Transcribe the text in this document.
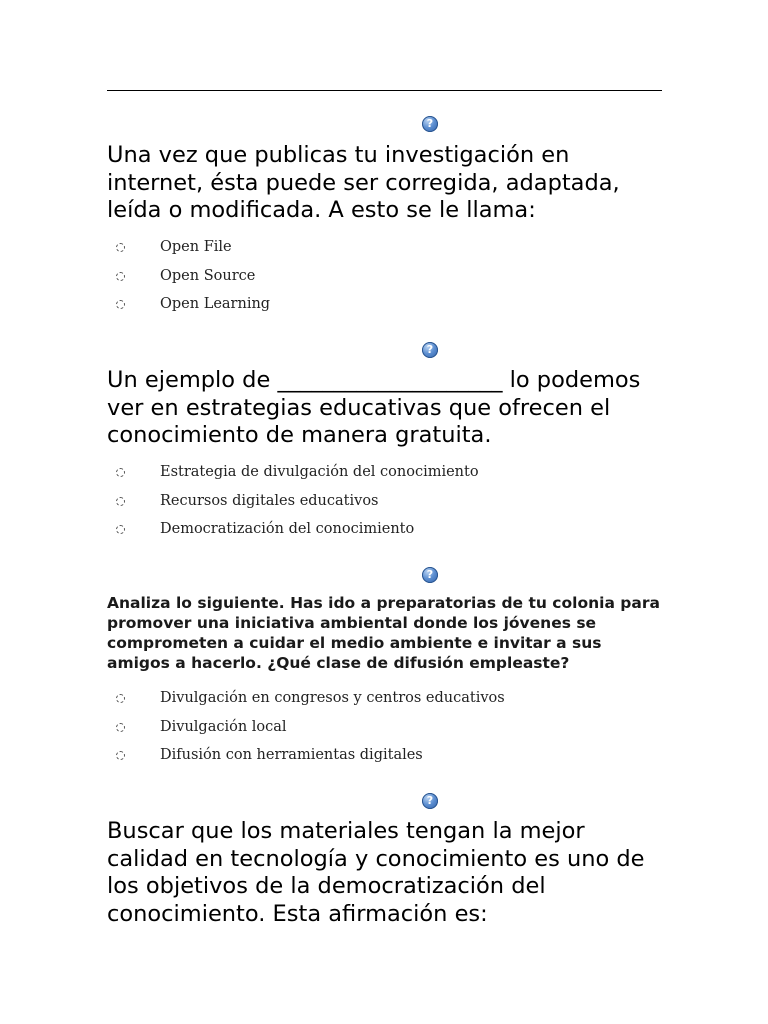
?

Una vez que publicas tu investigación en internet, ésta puede ser corregida, adaptada, leída o modificada. A esto se le llama:

Open File
Open Source
Open Learning
?

Un ejemplo de ____________________ lo podemos ver en estrategias educativas que ofrecen el conocimiento de manera gratuita.

Estrategia de divulgación del conocimiento
Recursos digitales educativos
Democratización del conocimiento
?

Analiza lo siguiente. Has ido a preparatorias de tu colonia para promover una iniciativa ambiental donde los jóvenes se comprometen a cuidar el medio ambiente e invitar a sus amigos a hacerlo. ¿Qué clase de difusión empleaste?

Divulgación en congresos y centros educativos
Divulgación local
Difusión con herramientas digitales
?

Buscar que los materiales tengan la mejor calidad en tecnología y conocimiento es uno de los objetivos de la democratización del conocimiento. Esta afirmación es:
